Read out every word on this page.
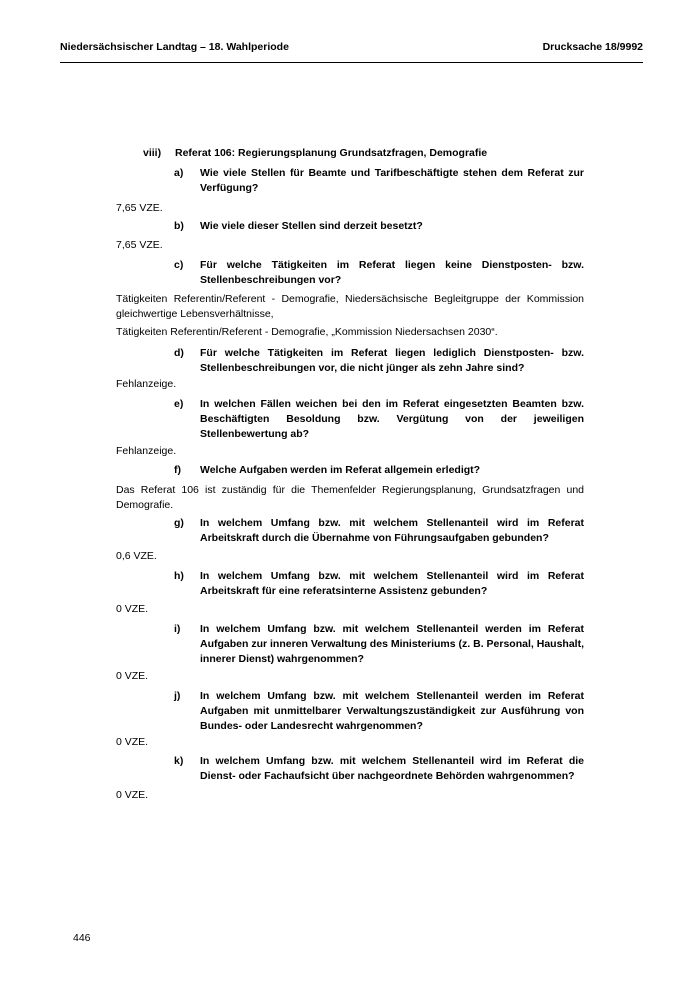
Niedersächsischer Landtag – 18. Wahlperiode	Drucksache 18/9992
viii) Referat 106: Regierungsplanung Grundsatzfragen, Demografie
a) Wie viele Stellen für Beamte und Tarifbeschäftigte stehen dem Referat zur Verfügung?
7,65 VZE.
b) Wie viele dieser Stellen sind derzeit besetzt?
7,65 VZE.
c) Für welche Tätigkeiten im Referat liegen keine Dienstposten- bzw. Stellenbeschreibungen vor?
Tätigkeiten Referentin/Referent - Demografie, Niedersächsische Begleitgruppe der Kommission gleichwertige Lebensverhältnisse,
Tätigkeiten Referentin/Referent - Demografie, „Kommission Niedersachsen 2030“.
d) Für welche Tätigkeiten im Referat liegen lediglich Dienstposten- bzw. Stellenbeschreibungen vor, die nicht jünger als zehn Jahre sind?
Fehlanzeige.
e) In welchen Fällen weichen bei den im Referat eingesetzten Beamten bzw. Beschäftigten Besoldung bzw. Vergütung von der jeweiligen Stellenbewertung ab?
Fehlanzeige.
f) Welche Aufgaben werden im Referat allgemein erledigt?
Das Referat 106 ist zuständig für die Themenfelder Regierungsplanung, Grundsatzfragen und Demografie.
g) In welchem Umfang bzw. mit welchem Stellenanteil wird im Referat Arbeitskraft durch die Übernahme von Führungsaufgaben gebunden?
0,6 VZE.
h) In welchem Umfang bzw. mit welchem Stellenanteil wird im Referat Arbeitskraft für eine referatsinterne Assistenz gebunden?
0 VZE.
i) In welchem Umfang bzw. mit welchem Stellenanteil werden im Referat Aufgaben zur inneren Verwaltung des Ministeriums (z. B. Personal, Haushalt, innerer Dienst) wahrgenommen?
0 VZE.
j) In welchem Umfang bzw. mit welchem Stellenanteil werden im Referat Aufgaben mit unmittelbarer Verwaltungszuständigkeit zur Ausführung von Bundes- oder Landesrecht wahrgenommen?
0 VZE.
k) In welchem Umfang bzw. mit welchem Stellenanteil wird im Referat die Dienst- oder Fachaufsicht über nachgeordnete Behörden wahrgenommen?
0 VZE.
446
